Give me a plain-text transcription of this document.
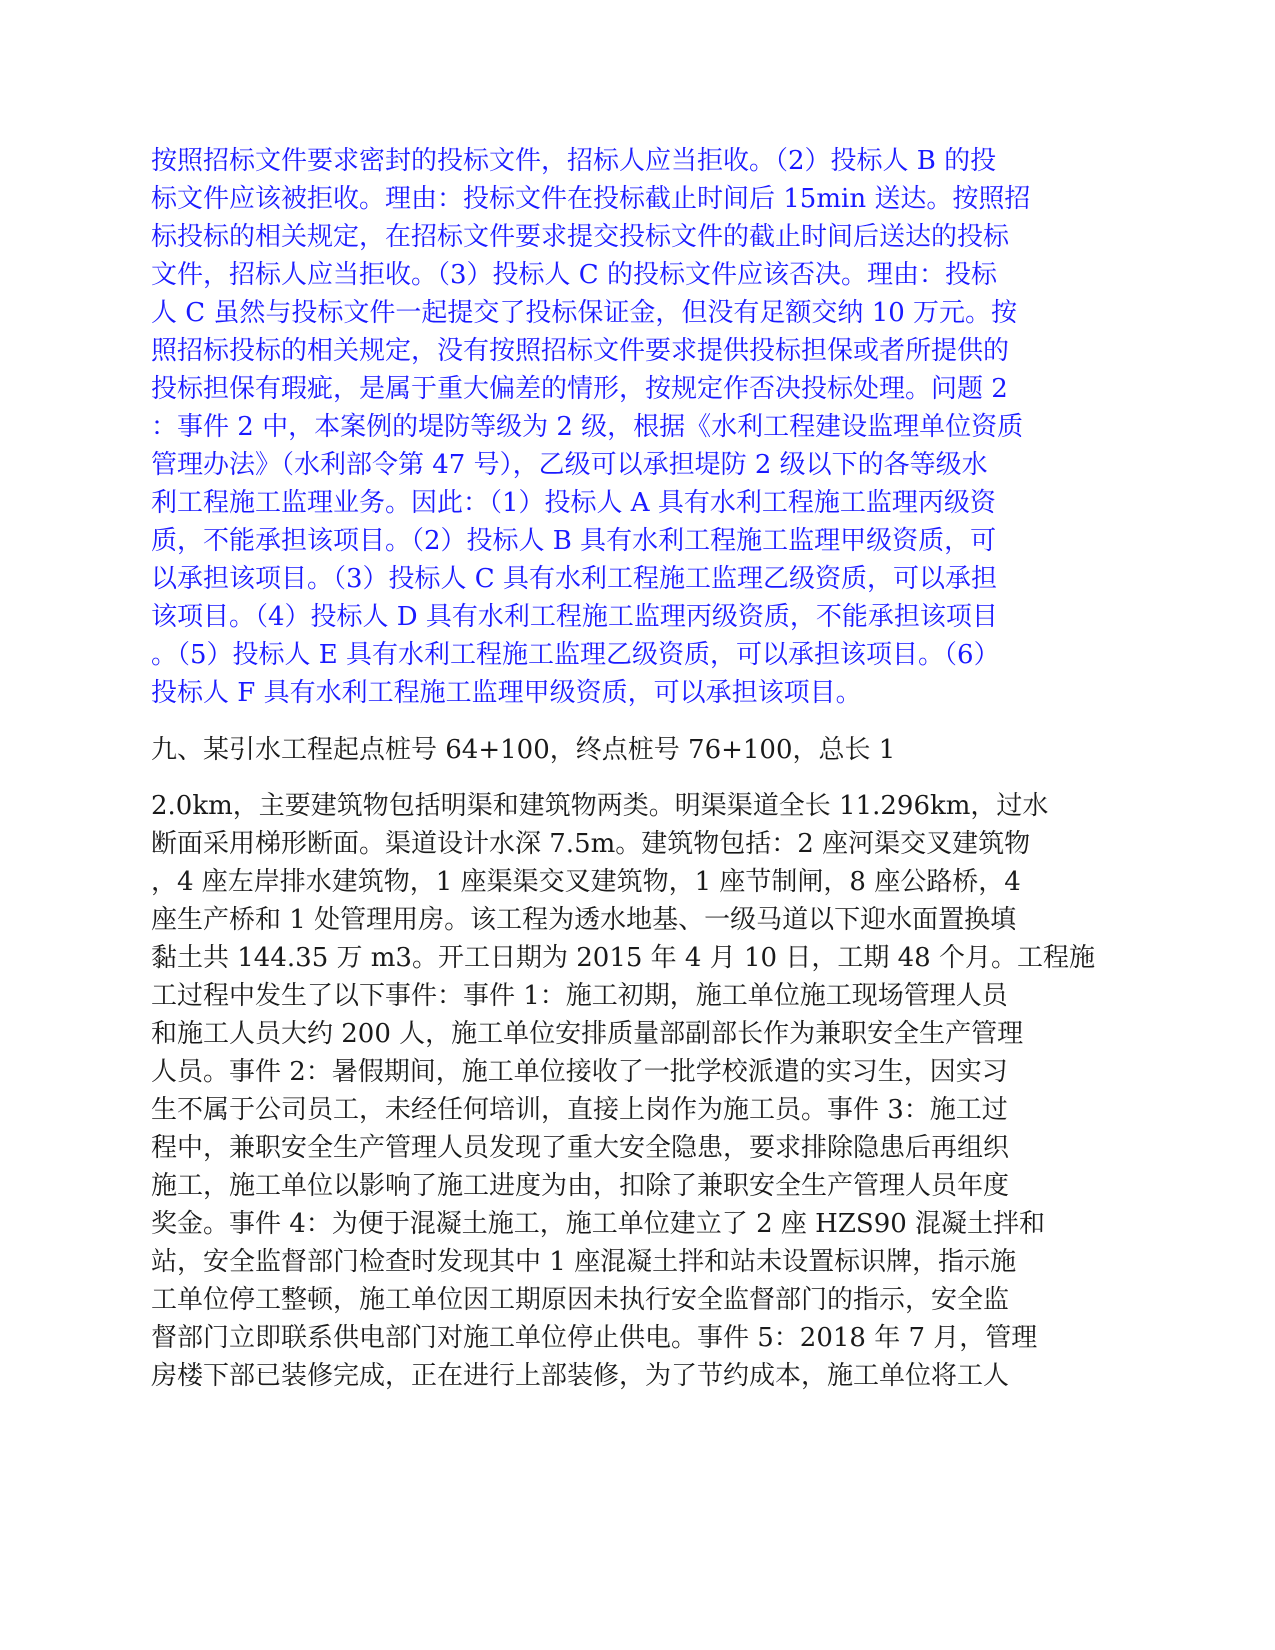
按照招标文件要求密封的投标文件，招标人应当拒收。（2）投标人 B 的投
标文件应该被拒收。理由：投标文件在投标截止时间后 15min 送达。按照招
标投标的相关规定，在招标文件要求提交投标文件的截止时间后送达的投标
文件，招标人应当拒收。（3）投标人 C 的投标文件应该否决。理由：投标
人 C 虽然与投标文件一起提交了投标保证金，但没有足额交纳 10 万元。按
照招标投标的相关规定，没有按照招标文件要求提供投标担保或者所提供的
投标担保有瑕疵，是属于重大偏差的情形，按规定作否决投标处理。问题 2
：事件 2 中，本案例的堤防等级为 2 级，根据《水利工程建设监理单位资质
管理办法》（水利部令第 47 号），乙级可以承担堤防 2 级以下的各等级水
利工程施工监理业务。因此：（1）投标人 A 具有水利工程施工监理丙级资
质，不能承担该项目。（2）投标人 B 具有水利工程施工监理甲级资质，可
以承担该项目。（3）投标人 C 具有水利工程施工监理乙级资质，可以承担
该项目。（4）投标人 D 具有水利工程施工监理丙级资质，不能承担该项目
。（5）投标人 E 具有水利工程施工监理乙级资质，可以承担该项目。（6）
投标人 F 具有水利工程施工监理甲级资质，可以承担该项目。
九、某引水工程起点桩号 64+100，终点桩号 76+100，总长 1
2.0km，主要建筑物包括明渠和建筑物两类。明渠渠道全长 11.296km，过水
断面采用梯形断面。渠道设计水深 7.5m。建筑物包括：2 座河渠交叉建筑物
，4 座左岸排水建筑物，1 座渠渠交叉建筑物，1 座节制闸，8 座公路桥，4
座生产桥和 1 处管理用房。该工程为透水地基、一级马道以下迎水面置换填
黏土共 144.35 万 m3。开工日期为 2015 年 4 月 10 日，工期 48 个月。工程施
工过程中发生了以下事件：事件 1：施工初期，施工单位施工现场管理人员
和施工人员大约 200 人，施工单位安排质量部副部长作为兼职安全生产管理
人员。事件 2：暑假期间，施工单位接收了一批学校派遣的实习生，因实习
生不属于公司员工，未经任何培训，直接上岗作为施工员。事件 3：施工过
程中，兼职安全生产管理人员发现了重大安全隐患，要求排除隐患后再组织
施工，施工单位以影响了施工进度为由，扣除了兼职安全生产管理人员年度
奖金。事件 4：为便于混凝土施工，施工单位建立了 2 座 HZS90 混凝土拌和
站，安全监督部门检查时发现其中 1 座混凝土拌和站未设置标识牌，指示施
工单位停工整顿，施工单位因工期原因未执行安全监督部门的指示，安全监
督部门立即联系供电部门对施工单位停止供电。事件 5：2018 年 7 月，管理
房楼下部已装修完成，正在进行上部装修，为了节约成本，施工单位将工人
